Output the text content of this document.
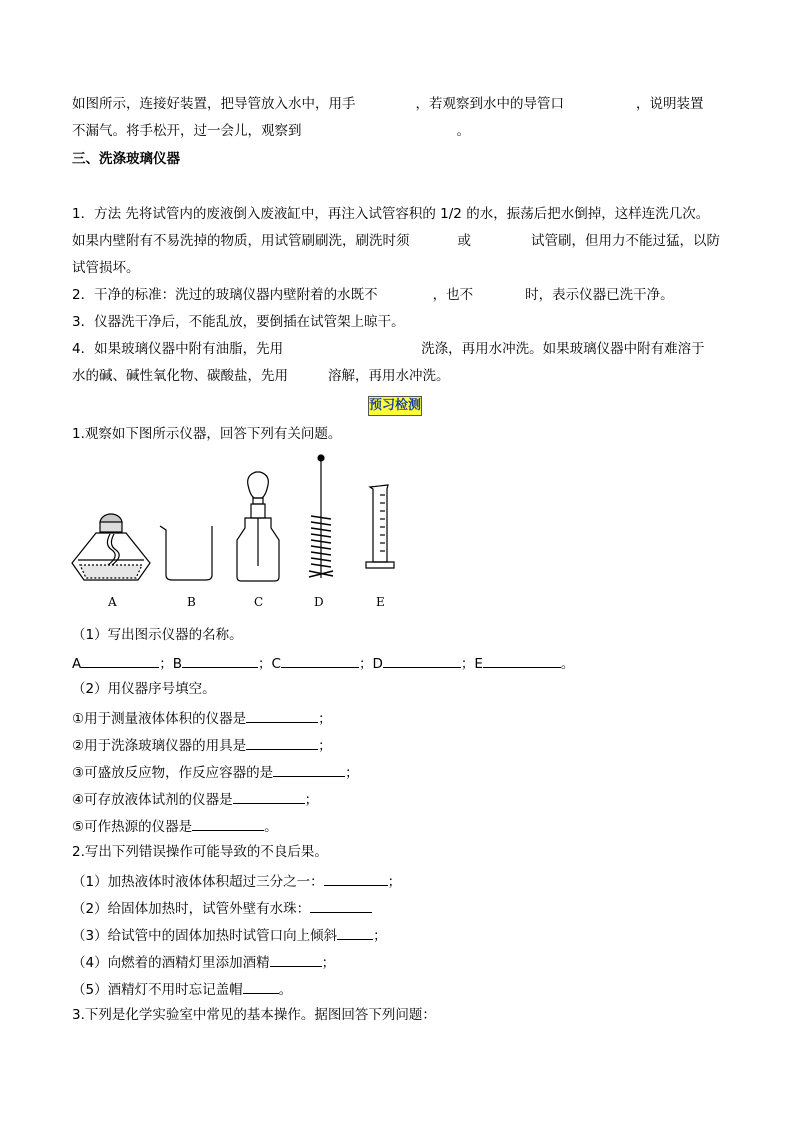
如图所示，连接好装置，把导管放入水中，用手	，若观察到水中的导管口	，说明装置
不漏气。将手松开，过一会儿，观察到	。
三、洗涤玻璃仪器
1．方法 先将试管内的废液倒入废液缸中，再注入试管容积的 1/2 的水，振荡后把水倒掉，这样连洗几次。
如果内壁附有不易洗掉的物质，用试管刷刷洗，刷洗时须	或	试管刷，但用力不能过猛，以防
试管损坏。
2．干净的标准：洗过的玻璃仪器内壁附着的水既不	，也不	时，表示仪器已洗干净。
3．仪器洗干净后，不能乱放，要倒插在试管架上晾干。
4．如果玻璃仪器中附有油脂，先用	洗涤，再用水冲洗。如果玻璃仪器中附有难溶于
水的碱、碱性氧化物、碳酸盐，先用	溶解，再用水冲洗。
预习检测
1.观察如下图所示仪器，回答下列有关问题。
A	B	C	D	E
（1）写出图示仪器的名称。
A	；B	；C	；D	；E	。
（2）用仪器序号填空。
①用于测量液体体积的仪器是	；
②用于洗涤玻璃仪器的用具是	；
③可盛放反应物，作反应容器的是	；
④可存放液体试剂的仪器是	；
⑤可作热源的仪器是	。
2.写出下列错误操作可能导致的不良后果。
（1）加热液体时液体体积超过三分之一：	；
（2）给固体加热时，试管外壁有水珠：
（3）给试管中的固体加热时试管口向上倾斜	；
（4）向燃着的酒精灯里添加酒精	；
（5）酒精灯不用时忘记盖帽	。
3.下列是化学实验室中常见的基本操作。据图回答下列问题：
